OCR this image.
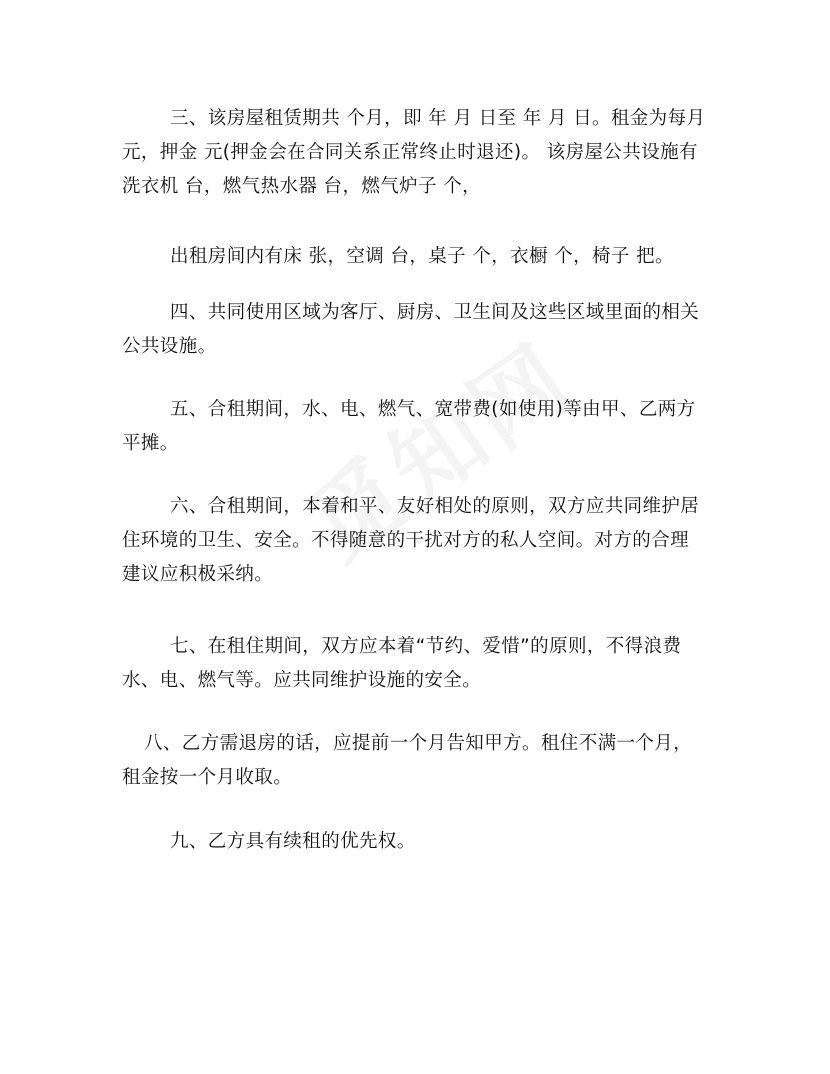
三、该房屋租赁期共 个月，即 年 月 日至 年 月 日。租金为每月
元，押金 元(押金会在合同关系正常终止时退还)。 该房屋公共设施有
洗衣机 台，燃气热水器 台，燃气炉子 个，
出租房间内有床 张，空调 台，桌子 个，衣橱 个，椅子 把。
四、共同使用区域为客厅、厨房、卫生间及这些区域里面的相关
公共设施。
五、合租期间，水、电、燃气、宽带费(如使用)等由甲、乙两方
平摊。
六、合租期间，本着和平、友好相处的原则，双方应共同维护居
住环境的卫生、安全。不得随意的干扰对方的私人空间。对方的合理
建议应积极采纳。
七、在租住期间，双方应本着“节约、爱惜”的原则，不得浪费
水、电、燃气等。应共同维护设施的安全。
八、乙方需退房的话，应提前一个月告知甲方。租住不满一个月，
租金按一个月收取。
九、乙方具有续租的优先权。
